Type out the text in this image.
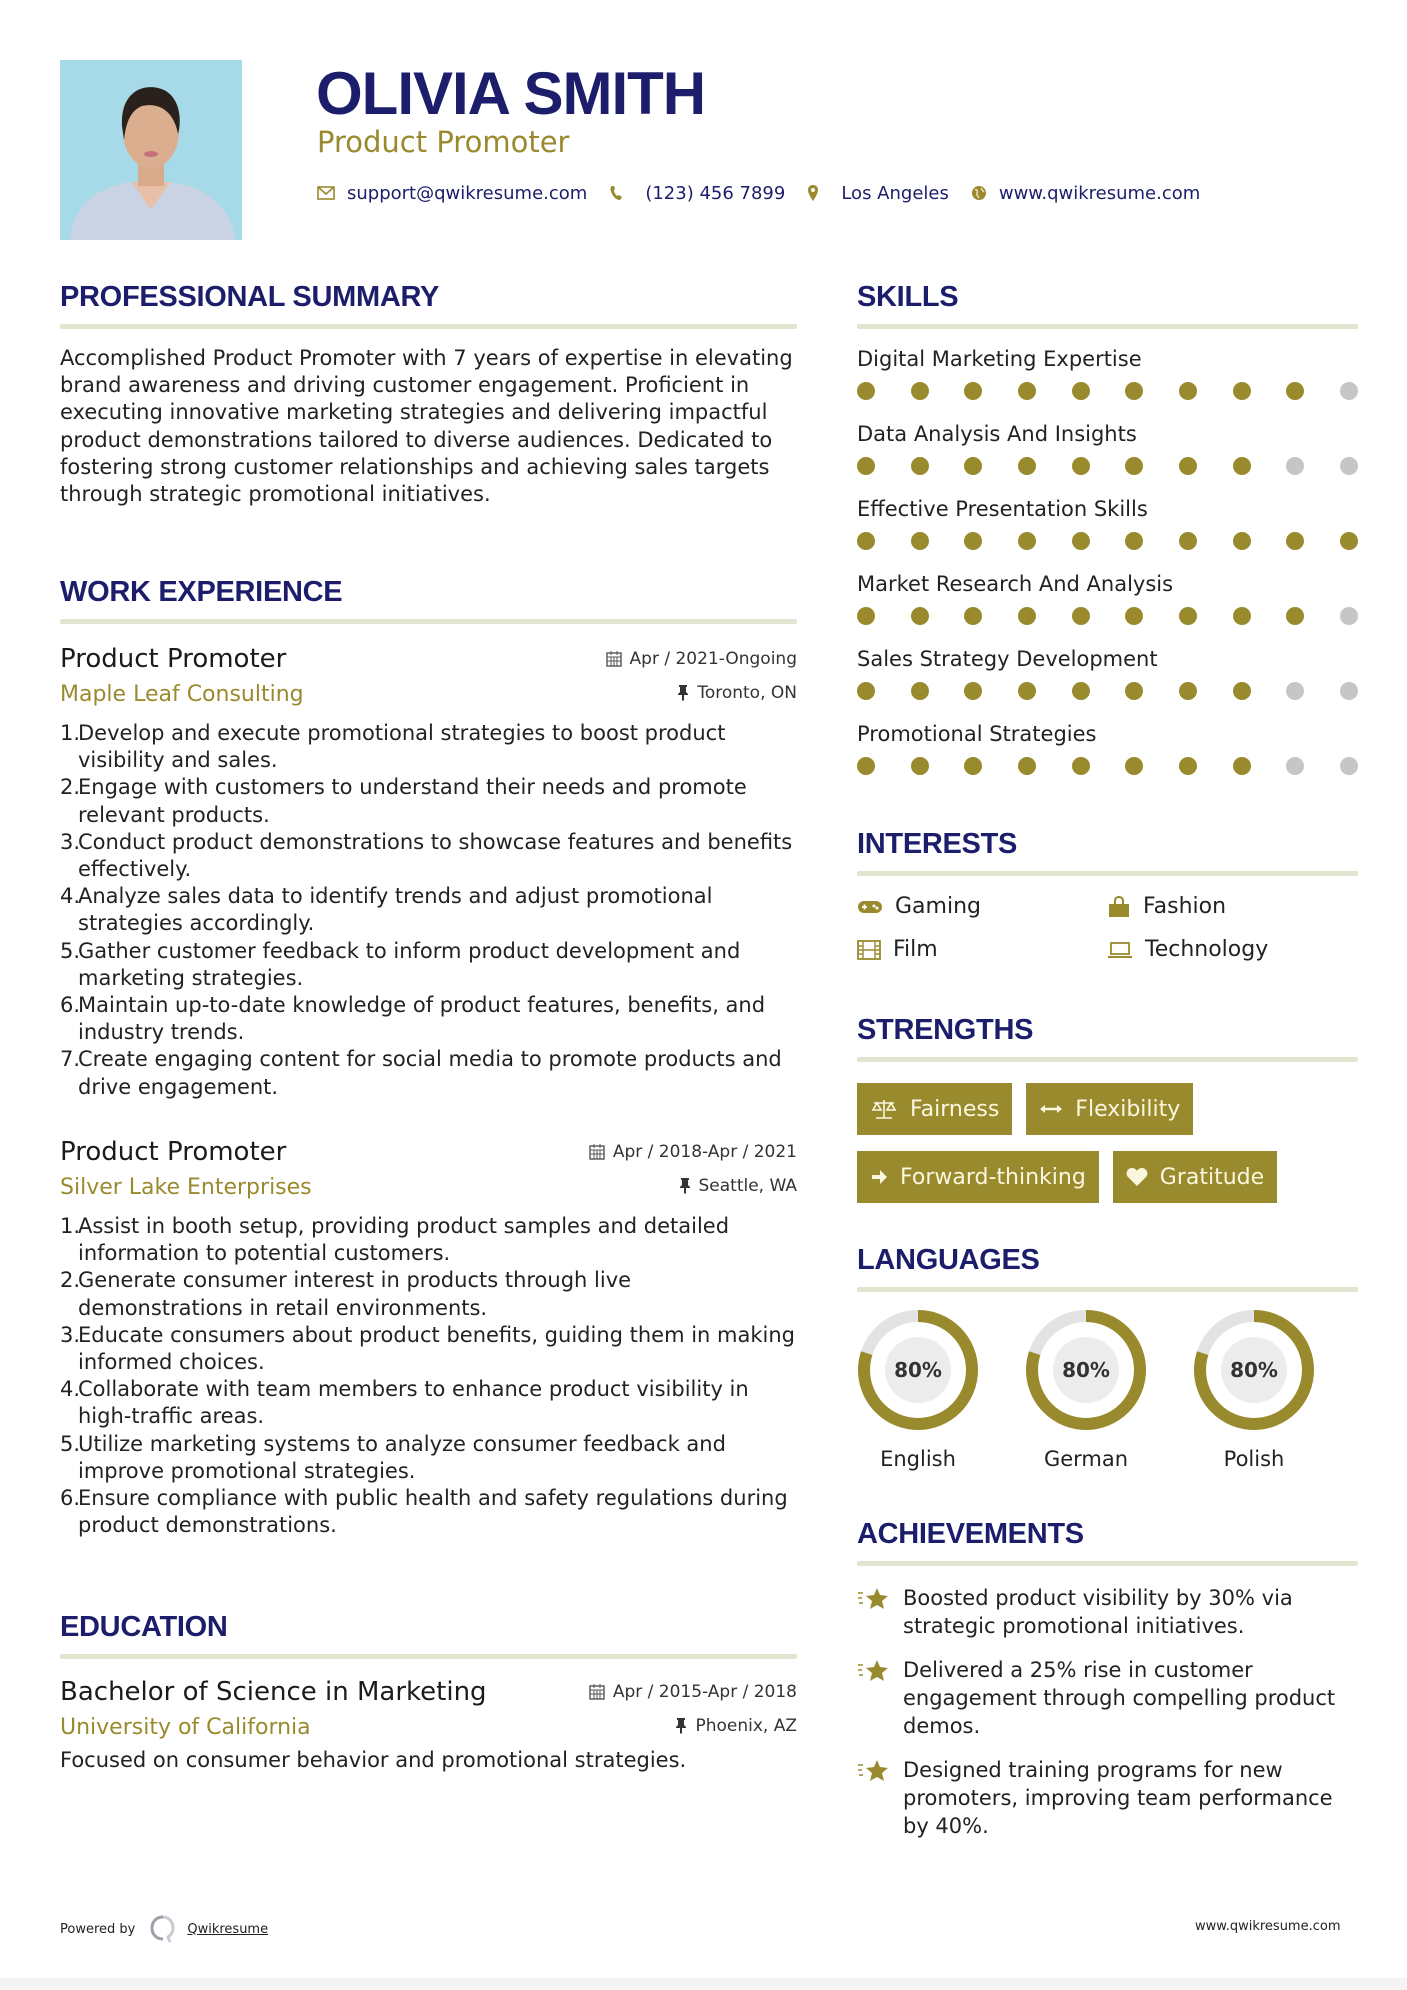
OLIVIA SMITH
Product Promoter
support@qwikresume.com	(123) 456 7899	Los Angeles	www.qwikresume.com
PROFESSIONAL SUMMARY
Accomplished Product Promoter with 7 years of expertise in elevating brand awareness and driving customer engagement. Proficient in executing innovative marketing strategies and delivering impactful product demonstrations tailored to diverse audiences. Dedicated to fostering strong customer relationships and achieving sales targets through strategic promotional initiatives.
WORK EXPERIENCE
Product Promoter	Apr / 2021-Ongoing
Maple Leaf Consulting	Toronto, ON
1.
Develop and execute promotional strategies to boost product visibility and sales.
2.
Engage with customers to understand their needs and promote relevant products.
3.
Conduct product demonstrations to showcase features and benefits effectively.
4.
Analyze sales data to identify trends and adjust promotional strategies accordingly.
5.
Gather customer feedback to inform product development and marketing strategies.
6.
Maintain up-to-date knowledge of product features, benefits, and industry trends.
7.
Create engaging content for social media to promote products and drive engagement.
Product Promoter	Apr / 2018-Apr / 2021
Silver Lake Enterprises	Seattle, WA
1.
Assist in booth setup, providing product samples and detailed information to potential customers.
2.
Generate consumer interest in products through live demonstrations in retail environments.
3.
Educate consumers about product benefits, guiding them in making informed choices.
4.
Collaborate with team members to enhance product visibility in high-traffic areas.
5.
Utilize marketing systems to analyze consumer feedback and improve promotional strategies.
6.
Ensure compliance with public health and safety regulations during product demonstrations.
EDUCATION
Bachelor of Science in Marketing	Apr / 2015-Apr / 2018
University of California	Phoenix, AZ
Focused on consumer behavior and promotional strategies.
SKILLS
Digital Marketing Expertise
Data Analysis And Insights
Effective Presentation Skills
Market Research And Analysis
Sales Strategy Development
Promotional Strategies
INTERESTS
Gaming	Fashion
Film	Technology
STRENGTHS
Fairness	Flexibility
Forward-thinking	Gratitude
LANGUAGES
80%
English
80%
German
80%
Polish
ACHIEVEMENTS
Boosted product visibility by 30% via strategic promotional initiatives.
Delivered a 25% rise in customer engagement through compelling product demos.
Designed training programs for new promoters, improving team performance by 40%.
Powered by	Qwikresume	www.qwikresume.com
